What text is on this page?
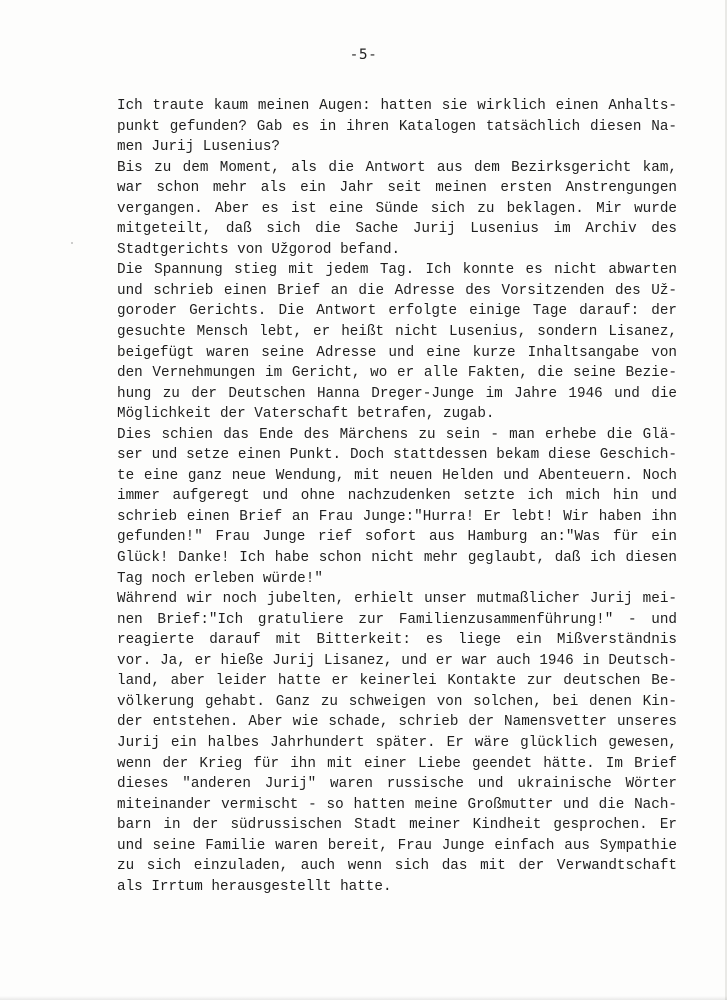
-5-
Ich traute kaum meinen Augen: hatten sie wirklich einen Anhalts-
punkt gefunden? Gab es in ihren Katalogen tatsächlich diesen Na-
men Jurij Lusenius?
Bis zu dem Moment, als die Antwort aus dem Bezirksgericht kam,
war schon mehr als ein Jahr seit meinen ersten Anstrengungen
vergangen. Aber es ist eine Sünde sich zu beklagen. Mir wurde
mitgeteilt, daß sich die Sache Jurij Lusenius im Archiv des
Stadtgerichts von Užgorod befand.
Die Spannung stieg mit jedem Tag. Ich konnte es nicht abwarten
und schrieb einen Brief an die Adresse des Vorsitzenden des Už-
goroder Gerichts. Die Antwort erfolgte einige Tage darauf: der
gesuchte Mensch lebt, er heißt nicht Lusenius, sondern Lisanez,
beigefügt waren seine Adresse und eine kurze Inhaltsangabe von
den Vernehmungen im Gericht, wo er alle Fakten, die seine Bezie-
hung zu der Deutschen Hanna Dreger-Junge im Jahre 1946 und die
Möglichkeit der Vaterschaft betrafen, zugab.
Dies schien das Ende des Märchens zu sein - man erhebe die Glä-
ser und setze einen Punkt. Doch stattdessen bekam diese Geschich-
te eine ganz neue Wendung, mit neuen Helden und Abenteuern. Noch
immer aufgeregt und ohne nachzudenken setzte ich mich hin und
schrieb einen Brief an Frau Junge:"Hurra! Er lebt! Wir haben ihn
gefunden!" Frau Junge rief sofort aus Hamburg an:"Was für ein
Glück! Danke! Ich habe schon nicht mehr geglaubt, daß ich diesen
Tag noch erleben würde!"
Während wir noch jubelten, erhielt unser mutmaßlicher Jurij mei-
nen Brief:"Ich gratuliere zur Familienzusammenführung!" - und
reagierte darauf mit Bitterkeit: es liege ein Mißverständnis
vor. Ja, er hieße Jurij Lisanez, und er war auch 1946 in Deutsch-
land, aber leider hatte er keinerlei Kontakte zur deutschen Be-
völkerung gehabt. Ganz zu schweigen von solchen, bei denen Kin-
der entstehen. Aber wie schade, schrieb der Namensvetter unseres
Jurij ein halbes Jahrhundert später. Er wäre glücklich gewesen,
wenn der Krieg für ihn mit einer Liebe geendet hätte. Im Brief
dieses "anderen Jurij" waren russische und ukrainische Wörter
miteinander vermischt - so hatten meine Großmutter und die Nach-
barn in der südrussischen Stadt meiner Kindheit gesprochen. Er
und seine Familie waren bereit, Frau Junge einfach aus Sympathie
zu sich einzuladen, auch wenn sich das mit der Verwandtschaft
als Irrtum herausgestellt hatte.
